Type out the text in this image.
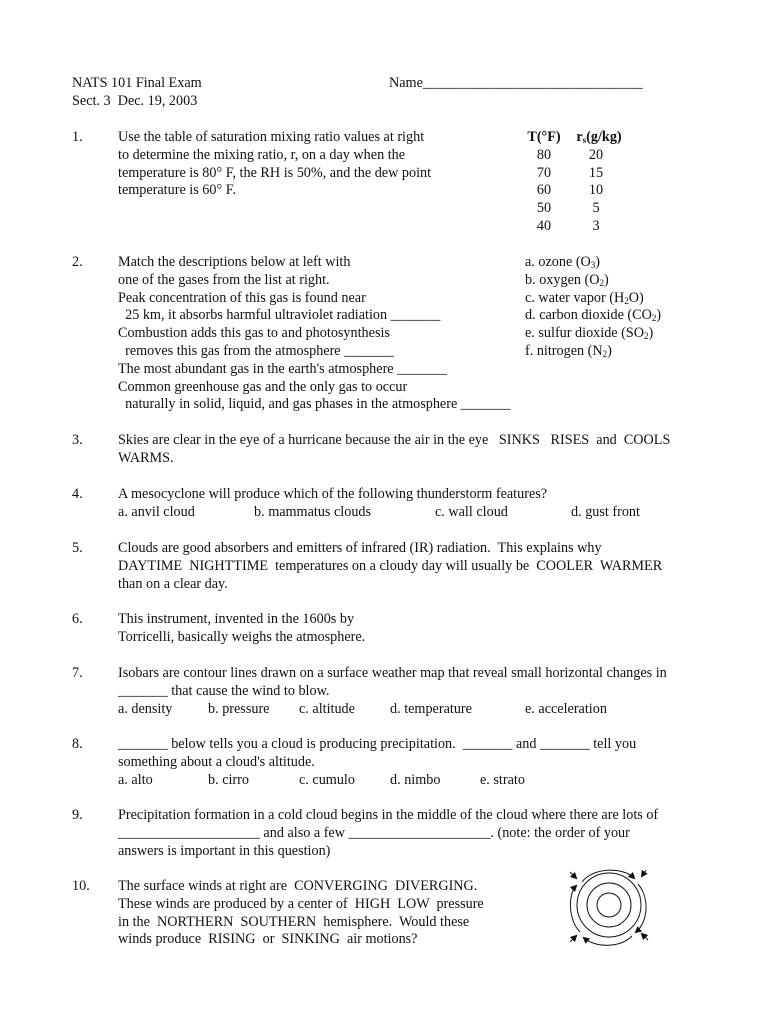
NATS 101 Final Exam
Sect. 3  Dec. 19, 2003
Name_______________________________
1. Use the table of saturation mixing ratio values at right
to determine the mixing ratio, r, on a day when the
temperature is 80° F, the RH is 50%, and the dew point
temperature is 60° F.
T(°F)	$r_s(g/kg)$
80	20
70	15
60	10
50	5
40	3
2. Match the descriptions below at left with
one of the gases from the list at right.
Peak concentration of this gas is found near
25 km, it absorbs harmful ultraviolet radiation _______
Combustion adds this gas to and photosynthesis
removes this gas from the atmosphere _______
The most abundant gas in the earth's atmosphere _______
Common greenhouse gas and the only gas to occur
naturally in solid, liquid, and gas phases in the atmosphere _______
a. ozone $(O_3)$
b. oxygen $(O_2)$
c. water vapor $(H_2O)$
d. carbon dioxide $(CO_2)$
e. sulfur dioxide $(SO_2)$
f. nitrogen $(N_2)$
3. Skies are clear in the eye of a hurricane because the air in the eye   SINKS   RISES  and  COOLS
WARMS.
4. A mesocyclone will produce which of the following thunderstorm features?
a. anvil cloud	b. mammatus clouds	c. wall cloud	d. gust front
5. Clouds are good absorbers and emitters of infrared (IR) radiation.  This explains why
DAYTIME  NIGHTTIME  temperatures on a cloudy day will usually be  COOLER  WARMER
than on a clear day.
6. This instrument, invented in the 1600s by
Torricelli, basically weighs the atmosphere.
7. Isobars are contour lines drawn on a surface weather map that reveal small horizontal changes in
_______ that cause the wind to blow.
a. density	b. pressure	c. altitude	d. temperature	e. acceleration
8. _______ below tells you a cloud is producing precipitation.  _______ and _______ tell you
something about a cloud's altitude.
a. alto	b. cirro	c. cumulo	d. nimbo	e. strato
9. Precipitation formation in a cold cloud begins in the middle of the cloud where there are lots of
____________________ and also a few ____________________. (note: the order of your
answers is important in this question)
10. The surface winds at right are  CONVERGING  DIVERGING.
These winds are produced by a center of  HIGH  LOW  pressure
in the  NORTHERN  SOUTHERN  hemisphere.  Would these
winds produce  RISING  or  SINKING  air motions?
